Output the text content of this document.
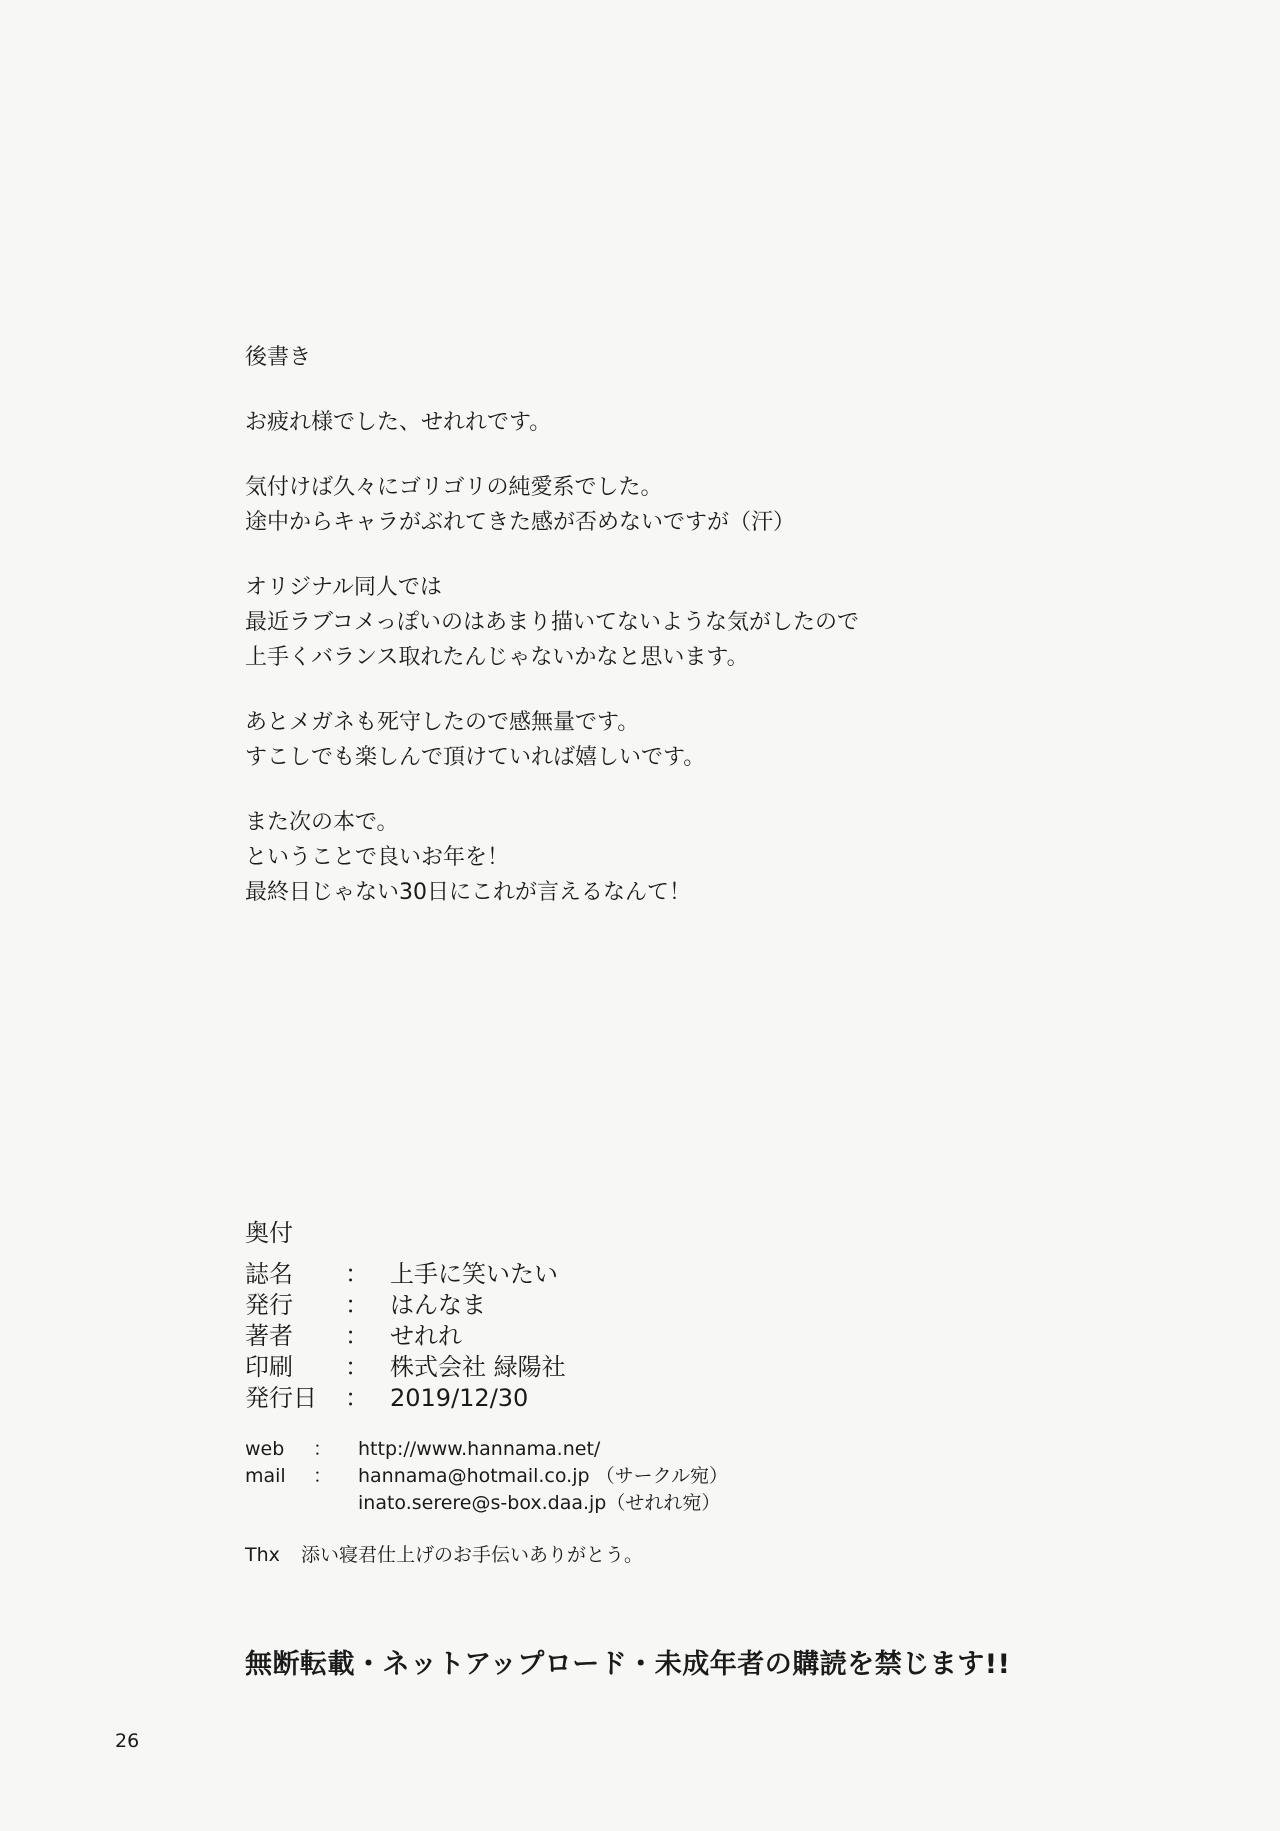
後書き
お疲れ様でした、せれれです。
気付けば久々にゴリゴリの純愛系でした。
途中からキャラがぶれてきた感が否めないですが（汗）
オリジナル同人では
最近ラブコメっぽいのはあまり描いてないような気がしたので
上手くバランス取れたんじゃないかなと思います。
あとメガネも死守したので感無量です。
すこしでも楽しんで頂けていれば嬉しいです。
また次の本で。
ということで良いお年を！
最終日じゃない30日にこれが言えるなんて！
奥付
誌名	： 上手に笑いたい
発行	： はんなま
著者	： せれれ
印刷	： 株式会社 緑陽社
発行日	： 2019/12/30
web	：	http://www.hannama.net/
mail	：	hannama@hotmail.co.jp （サークル宛）
inato.serere@s-box.daa.jp（せれれ宛）
Thx	添い寝君仕上げのお手伝いありがとう。
無断転載・ネットアップロード・未成年者の購読を禁じます!!
26
